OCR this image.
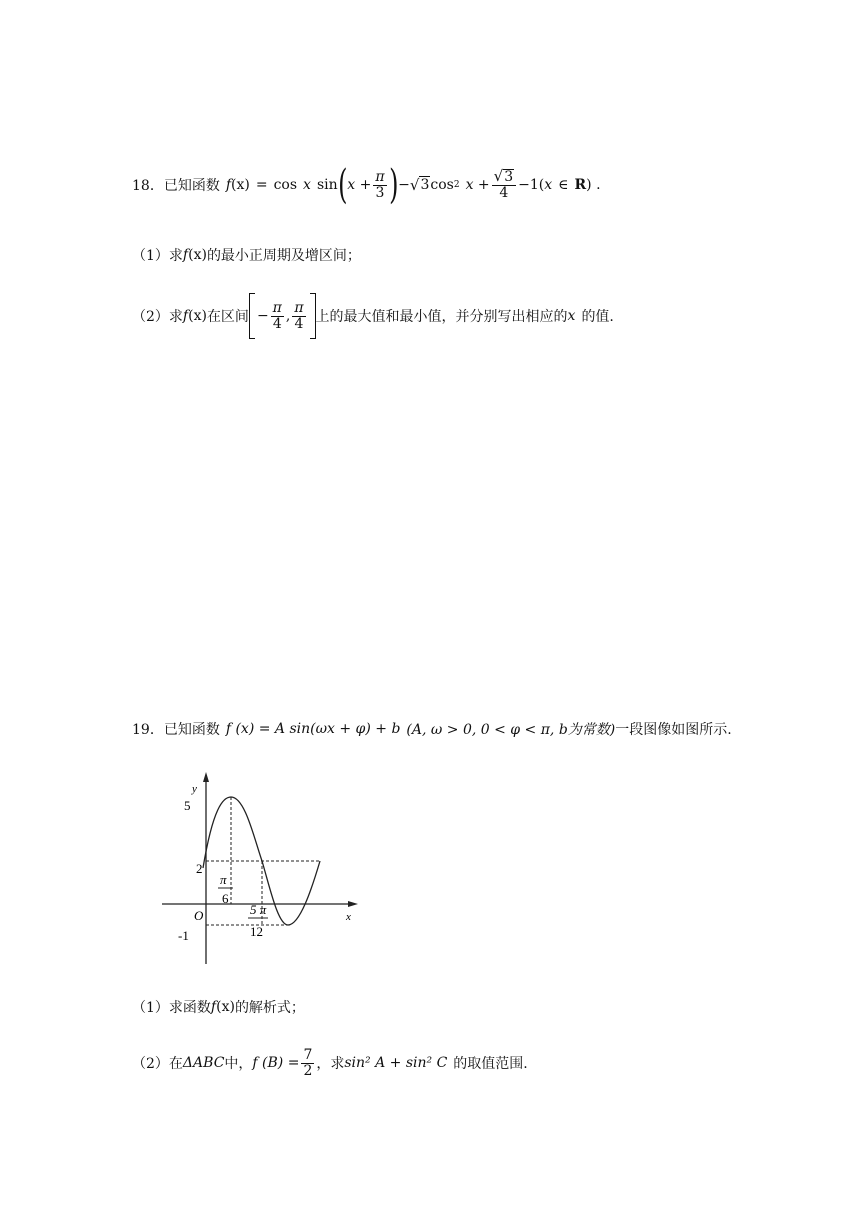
18． 已知函数 f (x) = cos x sin ( $x + \frac{\pi}{3}$ ) − √ 3 cos 2 $x + \frac{√ 3}{4} -1$( x ∈ R ) .
（1）求 f (x) 的最小正周期及增区间；
（2）求 f (x) 在区间 − $\frac{\pi}{4}$ , $\frac{\pi}{4}$ 上的最大值和最小值，并分别写出相应的 x 的值.
19． 已知函数 f (x) = A sin(ωx + φ) + b (A, ω > 0, 0 < φ < π, b为常数) 一段图像如图所示.
y
x
5
2
-1
O
π
6
5 π
12
（1）求函数 f (x) 的解析式；
（2）在 ΔABC 中， f $(B) = \frac{7}{2}$ ，求 sin² A + sin² C 的取值范围.
